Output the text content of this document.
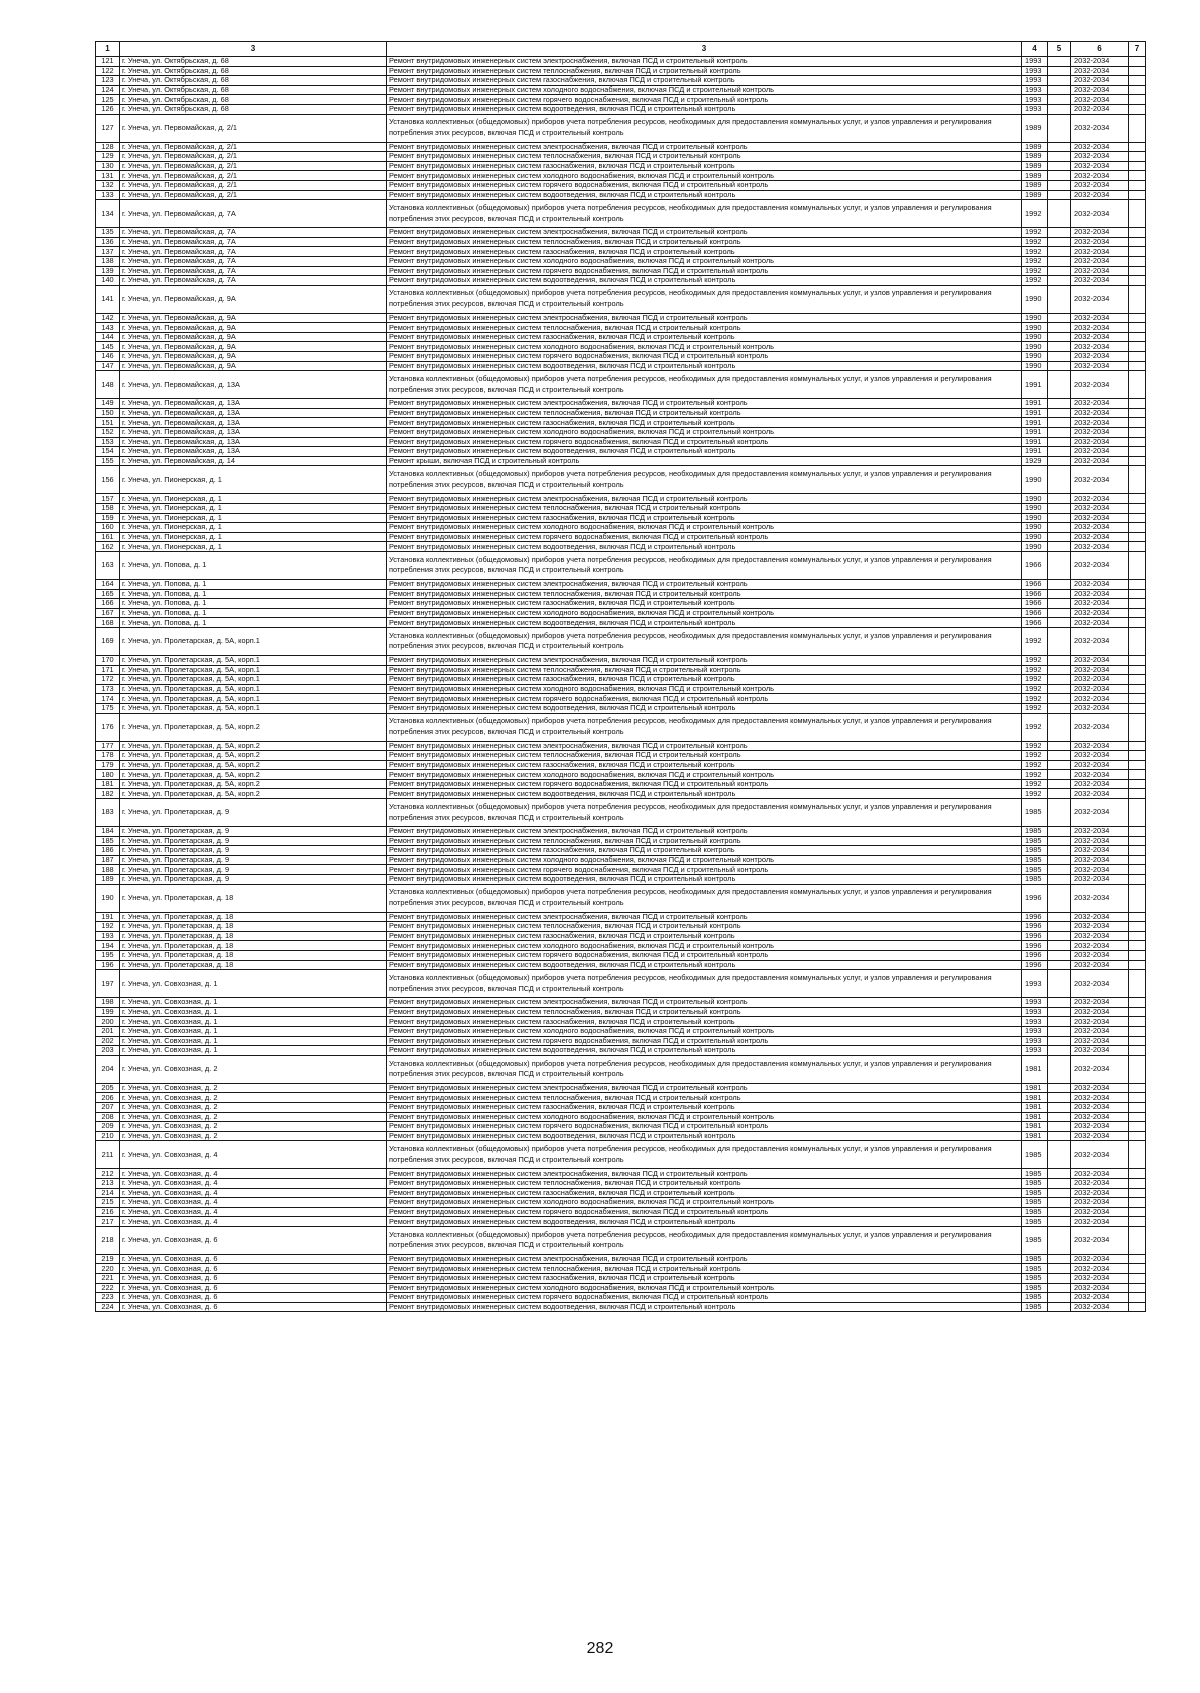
1	3	3	4	5	6	7
121	г. Унеча, ул. Октябрьская, д. 68	Ремонт внутридомовых инженерных систем электроснабжения, включая ПСД и строительный контроль	1993		2032-2034	
122	г. Унеча, ул. Октябрьская, д. 68	Ремонт внутридомовых инженерных систем теплоснабжения, включая ПСД и строительный контроль	1993		2032-2034	
123	г. Унеча, ул. Октябрьская, д. 68	Ремонт внутридомовых инженерных систем газоснабжения, включая ПСД и строительный контроль	1993		2032-2034	
124	г. Унеча, ул. Октябрьская, д. 68	Ремонт внутридомовых инженерных систем холодного водоснабжения, включая ПСД и строительный контроль	1993		2032-2034	
125	г. Унеча, ул. Октябрьская, д. 68	Ремонт внутридомовых инженерных систем горячего водоснабжения, включая ПСД и строительный контроль	1993		2032-2034	
126	г. Унеча, ул. Октябрьская, д. 68	Ремонт внутридомовых инженерных систем водоотведения, включая ПСД и строительный контроль	1993		2032-2034	
127	г. Унеча, ул. Первомайская, д. 2/1	Установка коллективных (общедомовых) приборов учета потребления ресурсов, необходимых для предоставления коммунальных услуг, и узлов управления и регулирования потребления этих ресурсов, включая ПСД и строительный контроль	1989		2032-2034	
128	г. Унеча, ул. Первомайская, д. 2/1	Ремонт внутридомовых инженерных систем электроснабжения, включая ПСД и строительный контроль	1989		2032-2034	
129	г. Унеча, ул. Первомайская, д. 2/1	Ремонт внутридомовых инженерных систем теплоснабжения, включая ПСД и строительный контроль	1989		2032-2034	
130	г. Унеча, ул. Первомайская, д. 2/1	Ремонт внутридомовых инженерных систем газоснабжения, включая ПСД и строительный контроль	1989		2032-2034	
131	г. Унеча, ул. Первомайская, д. 2/1	Ремонт внутридомовых инженерных систем холодного водоснабжения, включая ПСД и строительный контроль	1989		2032-2034	
132	г. Унеча, ул. Первомайская, д. 2/1	Ремонт внутридомовых инженерных систем горячего водоснабжения, включая ПСД и строительный контроль	1989		2032-2034	
133	г. Унеча, ул. Первомайская, д. 2/1	Ремонт внутридомовых инженерных систем водоотведения, включая ПСД и строительный контроль	1989		2032-2034	
134	г. Унеча, ул. Первомайская, д. 7А	Установка коллективных (общедомовых) приборов учета потребления ресурсов, необходимых для предоставления коммунальных услуг, и узлов управления и регулирования потребления этих ресурсов, включая ПСД и строительный контроль	1992		2032-2034	
135	г. Унеча, ул. Первомайская, д. 7А	Ремонт внутридомовых инженерных систем электроснабжения, включая ПСД и строительный контроль	1992		2032-2034	
136	г. Унеча, ул. Первомайская, д. 7А	Ремонт внутридомовых инженерных систем теплоснабжения, включая ПСД и строительный контроль	1992		2032-2034	
137	г. Унеча, ул. Первомайская, д. 7А	Ремонт внутридомовых инженерных систем газоснабжения, включая ПСД и строительный контроль	1992		2032-2034	
138	г. Унеча, ул. Первомайская, д. 7А	Ремонт внутридомовых инженерных систем холодного водоснабжения, включая ПСД и строительный контроль	1992		2032-2034	
139	г. Унеча, ул. Первомайская, д. 7А	Ремонт внутридомовых инженерных систем горячего водоснабжения, включая ПСД и строительный контроль	1992		2032-2034	
140	г. Унеча, ул. Первомайская, д. 7А	Ремонт внутридомовых инженерных систем водоотведения, включая ПСД и строительный контроль	1992		2032-2034	
141	г. Унеча, ул. Первомайская, д. 9А	Установка коллективных (общедомовых) приборов учета потребления ресурсов, необходимых для предоставления коммунальных услуг, и узлов управления и регулирования потребления этих ресурсов, включая ПСД и строительный контроль	1990		2032-2034	
142	г. Унеча, ул. Первомайская, д. 9А	Ремонт внутридомовых инженерных систем электроснабжения, включая ПСД и строительный контроль	1990		2032-2034	
143	г. Унеча, ул. Первомайская, д. 9А	Ремонт внутридомовых инженерных систем теплоснабжения, включая ПСД и строительный контроль	1990		2032-2034	
144	г. Унеча, ул. Первомайская, д. 9А	Ремонт внутридомовых инженерных систем газоснабжения, включая ПСД и строительный контроль	1990		2032-2034	
145	г. Унеча, ул. Первомайская, д. 9А	Ремонт внутридомовых инженерных систем холодного водоснабжения, включая ПСД и строительный контроль	1990		2032-2034	
146	г. Унеча, ул. Первомайская, д. 9А	Ремонт внутридомовых инженерных систем горячего водоснабжения, включая ПСД и строительный контроль	1990		2032-2034	
147	г. Унеча, ул. Первомайская, д. 9А	Ремонт внутридомовых инженерных систем водоотведения, включая ПСД и строительный контроль	1990		2032-2034	
148	г. Унеча, ул. Первомайская, д. 13А	Установка коллективных (общедомовых) приборов учета потребления ресурсов, необходимых для предоставления коммунальных услуг, и узлов управления и регулирования потребления этих ресурсов, включая ПСД и строительный контроль	1991		2032-2034	
149	г. Унеча, ул. Первомайская, д. 13А	Ремонт внутридомовых инженерных систем электроснабжения, включая ПСД и строительный контроль	1991		2032-2034	
150	г. Унеча, ул. Первомайская, д. 13А	Ремонт внутридомовых инженерных систем теплоснабжения, включая ПСД и строительный контроль	1991		2032-2034	
151	г. Унеча, ул. Первомайская, д. 13А	Ремонт внутридомовых инженерных систем газоснабжения, включая ПСД и строительный контроль	1991		2032-2034	
152	г. Унеча, ул. Первомайская, д. 13А	Ремонт внутридомовых инженерных систем холодного водоснабжения, включая ПСД и строительный контроль	1991		2032-2034	
153	г. Унеча, ул. Первомайская, д. 13А	Ремонт внутридомовых инженерных систем горячего водоснабжения, включая ПСД и строительный контроль	1991		2032-2034	
154	г. Унеча, ул. Первомайская, д. 13А	Ремонт внутридомовых инженерных систем водоотведения, включая ПСД и строительный контроль	1991		2032-2034	
155	г. Унеча, ул. Первомайская, д. 14	Ремонт крыши, включая ПСД и строительный контроль	1929		2032-2034	
156	г. Унеча, ул. Пионерская, д. 1	Установка коллективных (общедомовых) приборов учета потребления ресурсов, необходимых для предоставления коммунальных услуг, и узлов управления и регулирования потребления этих ресурсов, включая ПСД и строительный контроль	1990		2032-2034	
157	г. Унеча, ул. Пионерская, д. 1	Ремонт внутридомовых инженерных систем электроснабжения, включая ПСД и строительный контроль	1990		2032-2034	
158	г. Унеча, ул. Пионерская, д. 1	Ремонт внутридомовых инженерных систем теплоснабжения, включая ПСД и строительный контроль	1990		2032-2034	
159	г. Унеча, ул. Пионерская, д. 1	Ремонт внутридомовых инженерных систем газоснабжения, включая ПСД и строительный контроль	1990		2032-2034	
160	г. Унеча, ул. Пионерская, д. 1	Ремонт внутридомовых инженерных систем холодного водоснабжения, включая ПСД и строительный контроль	1990		2032-2034	
161	г. Унеча, ул. Пионерская, д. 1	Ремонт внутридомовых инженерных систем горячего водоснабжения, включая ПСД и строительный контроль	1990		2032-2034	
162	г. Унеча, ул. Пионерская, д. 1	Ремонт внутридомовых инженерных систем водоотведения, включая ПСД и строительный контроль	1990		2032-2034	
163	г. Унеча, ул. Попова, д. 1	Установка коллективных (общедомовых) приборов учета потребления ресурсов, необходимых для предоставления коммунальных услуг, и узлов управления и регулирования потребления этих ресурсов, включая ПСД и строительный контроль	1966		2032-2034	
164	г. Унеча, ул. Попова, д. 1	Ремонт внутридомовых инженерных систем электроснабжения, включая ПСД и строительный контроль	1966		2032-2034	
165	г. Унеча, ул. Попова, д. 1	Ремонт внутридомовых инженерных систем теплоснабжения, включая ПСД и строительный контроль	1966		2032-2034	
166	г. Унеча, ул. Попова, д. 1	Ремонт внутридомовых инженерных систем газоснабжения, включая ПСД и строительный контроль	1966		2032-2034	
167	г. Унеча, ул. Попова, д. 1	Ремонт внутридомовых инженерных систем холодного водоснабжения, включая ПСД и строительный контроль	1966		2032-2034	
168	г. Унеча, ул. Попова, д. 1	Ремонт внутридомовых инженерных систем водоотведения, включая ПСД и строительный контроль	1966		2032-2034	
169	г. Унеча, ул. Пролетарская, д. 5А, корп.1	Установка коллективных (общедомовых) приборов учета потребления ресурсов, необходимых для предоставления коммунальных услуг, и узлов управления и регулирования потребления этих ресурсов, включая ПСД и строительный контроль	1992		2032-2034	
170	г. Унеча, ул. Пролетарская, д. 5А, корп.1	Ремонт внутридомовых инженерных систем электроснабжения, включая ПСД и строительный контроль	1992		2032-2034	
171	г. Унеча, ул. Пролетарская, д. 5А, корп.1	Ремонт внутридомовых инженерных систем теплоснабжения, включая ПСД и строительный контроль	1992		2032-2034	
172	г. Унеча, ул. Пролетарская, д. 5А, корп.1	Ремонт внутридомовых инженерных систем газоснабжения, включая ПСД и строительный контроль	1992		2032-2034	
173	г. Унеча, ул. Пролетарская, д. 5А, корп.1	Ремонт внутридомовых инженерных систем холодного водоснабжения, включая ПСД и строительный контроль	1992		2032-2034	
174	г. Унеча, ул. Пролетарская, д. 5А, корп.1	Ремонт внутридомовых инженерных систем горячего водоснабжения, включая ПСД и строительный контроль	1992		2032-2034	
175	г. Унеча, ул. Пролетарская, д. 5А, корп.1	Ремонт внутридомовых инженерных систем водоотведения, включая ПСД и строительный контроль	1992		2032-2034	
176	г. Унеча, ул. Пролетарская, д. 5А, корп.2	Установка коллективных (общедомовых) приборов учета потребления ресурсов, необходимых для предоставления коммунальных услуг, и узлов управления и регулирования потребления этих ресурсов, включая ПСД и строительный контроль	1992		2032-2034	
177	г. Унеча, ул. Пролетарская, д. 5А, корп.2	Ремонт внутридомовых инженерных систем электроснабжения, включая ПСД и строительный контроль	1992		2032-2034	
178	г. Унеча, ул. Пролетарская, д. 5А, корп.2	Ремонт внутридомовых инженерных систем теплоснабжения, включая ПСД и строительный контроль	1992		2032-2034	
179	г. Унеча, ул. Пролетарская, д. 5А, корп.2	Ремонт внутридомовых инженерных систем газоснабжения, включая ПСД и строительный контроль	1992		2032-2034	
180	г. Унеча, ул. Пролетарская, д. 5А, корп.2	Ремонт внутридомовых инженерных систем холодного водоснабжения, включая ПСД и строительный контроль	1992		2032-2034	
181	г. Унеча, ул. Пролетарская, д. 5А, корп.2	Ремонт внутридомовых инженерных систем горячего водоснабжения, включая ПСД и строительный контроль	1992		2032-2034	
182	г. Унеча, ул. Пролетарская, д. 5А, корп.2	Ремонт внутридомовых инженерных систем водоотведения, включая ПСД и строительный контроль	1992		2032-2034	
183	г. Унеча, ул. Пролетарская, д. 9	Установка коллективных (общедомовых) приборов учета потребления ресурсов, необходимых для предоставления коммунальных услуг, и узлов управления и регулирования потребления этих ресурсов, включая ПСД и строительный контроль	1985		2032-2034	
184	г. Унеча, ул. Пролетарская, д. 9	Ремонт внутридомовых инженерных систем электроснабжения, включая ПСД и строительный контроль	1985		2032-2034	
185	г. Унеча, ул. Пролетарская, д. 9	Ремонт внутридомовых инженерных систем теплоснабжения, включая ПСД и строительный контроль	1985		2032-2034	
186	г. Унеча, ул. Пролетарская, д. 9	Ремонт внутридомовых инженерных систем газоснабжения, включая ПСД и строительный контроль	1985		2032-2034	
187	г. Унеча, ул. Пролетарская, д. 9	Ремонт внутридомовых инженерных систем холодного водоснабжения, включая ПСД и строительный контроль	1985		2032-2034	
188	г. Унеча, ул. Пролетарская, д. 9	Ремонт внутридомовых инженерных систем горячего водоснабжения, включая ПСД и строительный контроль	1985		2032-2034	
189	г. Унеча, ул. Пролетарская, д. 9	Ремонт внутридомовых инженерных систем водоотведения, включая ПСД и строительный контроль	1985		2032-2034	
190	г. Унеча, ул. Пролетарская, д. 18	Установка коллективных (общедомовых) приборов учета потребления ресурсов, необходимых для предоставления коммунальных услуг, и узлов управления и регулирования потребления этих ресурсов, включая ПСД и строительный контроль	1996		2032-2034	
191	г. Унеча, ул. Пролетарская, д. 18	Ремонт внутридомовых инженерных систем электроснабжения, включая ПСД и строительный контроль	1996		2032-2034	
192	г. Унеча, ул. Пролетарская, д. 18	Ремонт внутридомовых инженерных систем теплоснабжения, включая ПСД и строительный контроль	1996		2032-2034	
193	г. Унеча, ул. Пролетарская, д. 18	Ремонт внутридомовых инженерных систем газоснабжения, включая ПСД и строительный контроль	1996		2032-2034	
194	г. Унеча, ул. Пролетарская, д. 18	Ремонт внутридомовых инженерных систем холодного водоснабжения, включая ПСД и строительный контроль	1996		2032-2034	
195	г. Унеча, ул. Пролетарская, д. 18	Ремонт внутридомовых инженерных систем горячего водоснабжения, включая ПСД и строительный контроль	1996		2032-2034	
196	г. Унеча, ул. Пролетарская, д. 18	Ремонт внутридомовых инженерных систем водоотведения, включая ПСД и строительный контроль	1996		2032-2034	
197	г. Унеча, ул. Совхозная, д. 1	Установка коллективных (общедомовых) приборов учета потребления ресурсов, необходимых для предоставления коммунальных услуг, и узлов управления и регулирования потребления этих ресурсов, включая ПСД и строительный контроль	1993		2032-2034	
198	г. Унеча, ул. Совхозная, д. 1	Ремонт внутридомовых инженерных систем электроснабжения, включая ПСД и строительный контроль	1993		2032-2034	
199	г. Унеча, ул. Совхозная, д. 1	Ремонт внутридомовых инженерных систем теплоснабжения, включая ПСД и строительный контроль	1993		2032-2034	
200	г. Унеча, ул. Совхозная, д. 1	Ремонт внутридомовых инженерных систем газоснабжения, включая ПСД и строительный контроль	1993		2032-2034	
201	г. Унеча, ул. Совхозная, д. 1	Ремонт внутридомовых инженерных систем холодного водоснабжения, включая ПСД и строительный контроль	1993		2032-2034	
202	г. Унеча, ул. Совхозная, д. 1	Ремонт внутридомовых инженерных систем горячего водоснабжения, включая ПСД и строительный контроль	1993		2032-2034	
203	г. Унеча, ул. Совхозная, д. 1	Ремонт внутридомовых инженерных систем водоотведения, включая ПСД и строительный контроль	1993		2032-2034	
204	г. Унеча, ул. Совхозная, д. 2	Установка коллективных (общедомовых) приборов учета потребления ресурсов, необходимых для предоставления коммунальных услуг, и узлов управления и регулирования потребления этих ресурсов, включая ПСД и строительный контроль	1981		2032-2034	
205	г. Унеча, ул. Совхозная, д. 2	Ремонт внутридомовых инженерных систем электроснабжения, включая ПСД и строительный контроль	1981		2032-2034	
206	г. Унеча, ул. Совхозная, д. 2	Ремонт внутридомовых инженерных систем теплоснабжения, включая ПСД и строительный контроль	1981		2032-2034	
207	г. Унеча, ул. Совхозная, д. 2	Ремонт внутридомовых инженерных систем газоснабжения, включая ПСД и строительный контроль	1981		2032-2034	
208	г. Унеча, ул. Совхозная, д. 2	Ремонт внутридомовых инженерных систем холодного водоснабжения, включая ПСД и строительный контроль	1981		2032-2034	
209	г. Унеча, ул. Совхозная, д. 2	Ремонт внутридомовых инженерных систем горячего водоснабжения, включая ПСД и строительный контроль	1981		2032-2034	
210	г. Унеча, ул. Совхозная, д. 2	Ремонт внутридомовых инженерных систем водоотведения, включая ПСД и строительный контроль	1981		2032-2034	
211	г. Унеча, ул. Совхозная, д. 4	Установка коллективных (общедомовых) приборов учета потребления ресурсов, необходимых для предоставления коммунальных услуг, и узлов управления и регулирования потребления этих ресурсов, включая ПСД и строительный контроль	1985		2032-2034	
212	г. Унеча, ул. Совхозная, д. 4	Ремонт внутридомовых инженерных систем электроснабжения, включая ПСД и строительный контроль	1985		2032-2034	
213	г. Унеча, ул. Совхозная, д. 4	Ремонт внутридомовых инженерных систем теплоснабжения, включая ПСД и строительный контроль	1985		2032-2034	
214	г. Унеча, ул. Совхозная, д. 4	Ремонт внутридомовых инженерных систем газоснабжения, включая ПСД и строительный контроль	1985		2032-2034	
215	г. Унеча, ул. Совхозная, д. 4	Ремонт внутридомовых инженерных систем холодного водоснабжения, включая ПСД и строительный контроль	1985		2032-2034	
216	г. Унеча, ул. Совхозная, д. 4	Ремонт внутридомовых инженерных систем горячего водоснабжения, включая ПСД и строительный контроль	1985		2032-2034	
217	г. Унеча, ул. Совхозная, д. 4	Ремонт внутридомовых инженерных систем водоотведения, включая ПСД и строительный контроль	1985		2032-2034	
218	г. Унеча, ул. Совхозная, д. 6	Установка коллективных (общедомовых) приборов учета потребления ресурсов, необходимых для предоставления коммунальных услуг, и узлов управления и регулирования потребления этих ресурсов, включая ПСД и строительный контроль	1985		2032-2034	
219	г. Унеча, ул. Совхозная, д. 6	Ремонт внутридомовых инженерных систем электроснабжения, включая ПСД и строительный контроль	1985		2032-2034	
220	г. Унеча, ул. Совхозная, д. 6	Ремонт внутридомовых инженерных систем теплоснабжения, включая ПСД и строительный контроль	1985		2032-2034	
221	г. Унеча, ул. Совхозная, д. 6	Ремонт внутридомовых инженерных систем газоснабжения, включая ПСД и строительный контроль	1985		2032-2034	
222	г. Унеча, ул. Совхозная, д. 6	Ремонт внутридомовых инженерных систем холодного водоснабжения, включая ПСД и строительный контроль	1985		2032-2034	
223	г. Унеча, ул. Совхозная, д. 6	Ремонт внутридомовых инженерных систем горячего водоснабжения, включая ПСД и строительный контроль	1985		2032-2034	
224	г. Унеча, ул. Совхозная, д. 6	Ремонт внутридомовых инженерных систем водоотведения, включая ПСД и строительный контроль	1985		2032-2034	
282
